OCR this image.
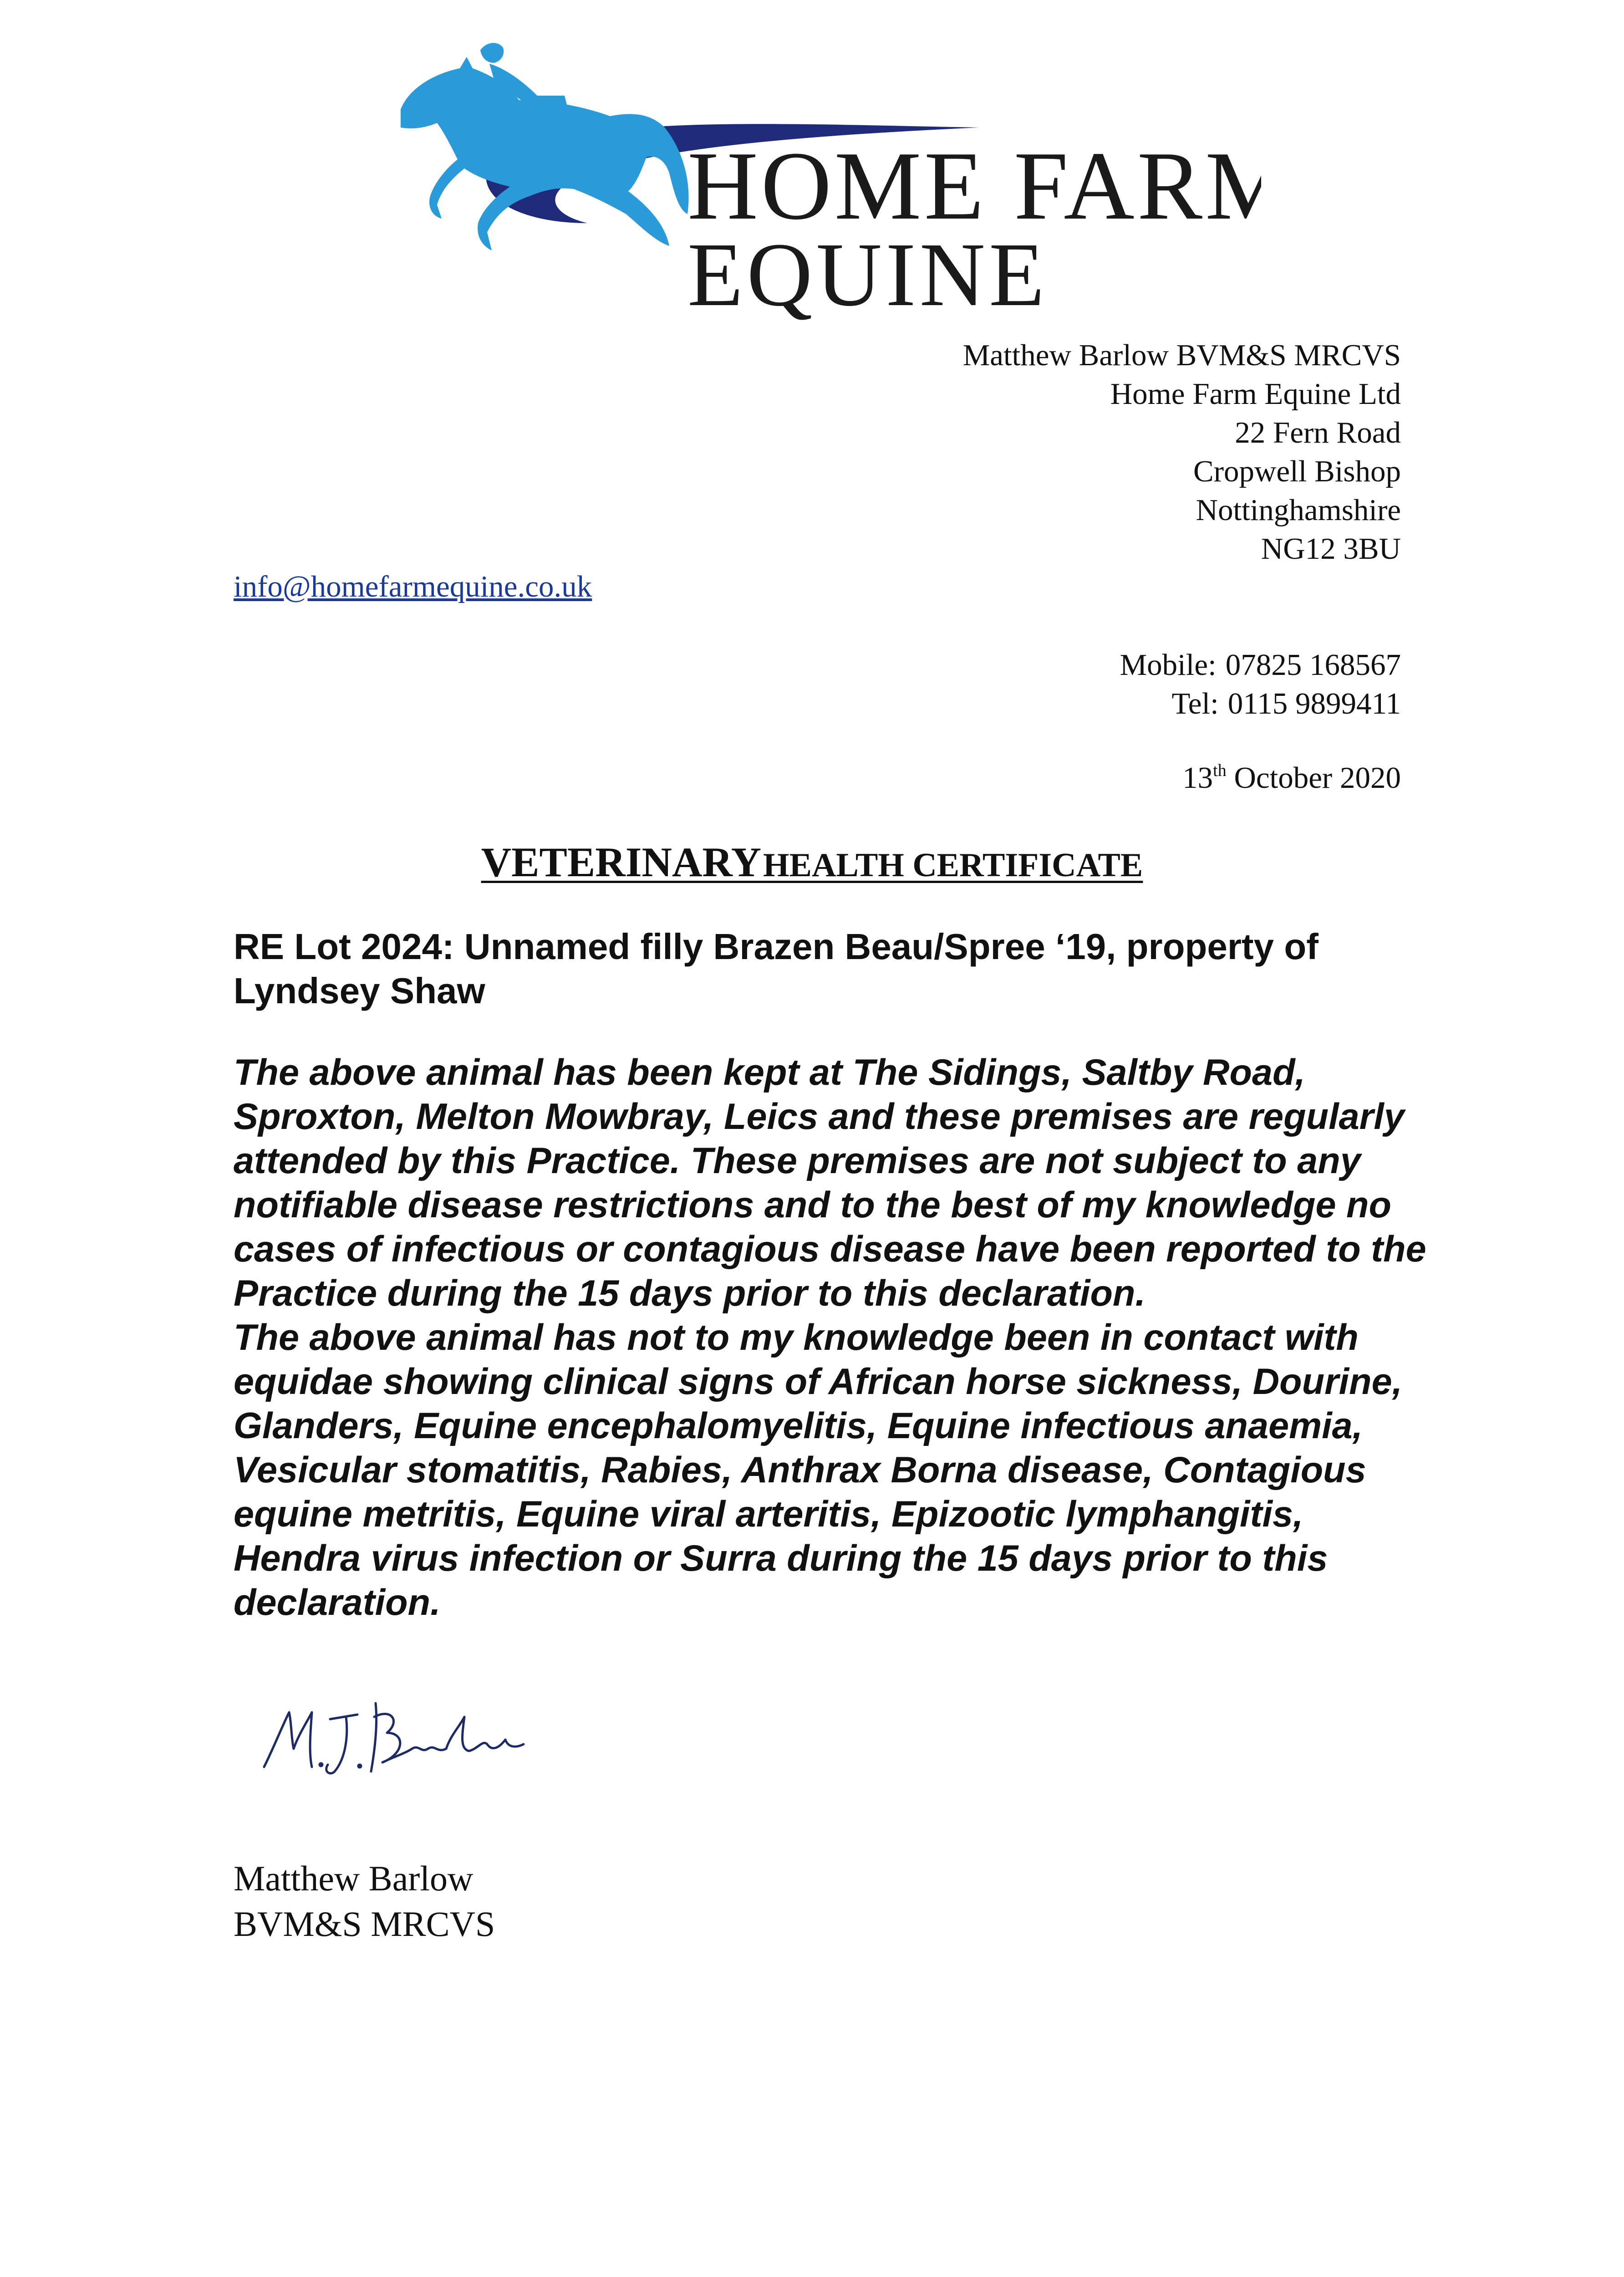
HOME FARM
EQUINE
Matthew Barlow BVM&S MRCVS
Home Farm Equine Ltd
22 Fern Road
Cropwell Bishop
Nottinghamshire
NG12 3BU
info@homefarmequine.co.uk
Mobile: 07825 168567
Tel: 0115 9899411
13th October 2020
VETERINARY HEALTH CERTIFICATE
RE Lot 2024: Unnamed filly Brazen Beau/Spree ‘19, property of Lyndsey Shaw

The above animal has been kept at The Sidings, Saltby Road, Sproxton, Melton Mowbray, Leics and these premises are regularly attended by this Practice. These premises are not subject to any notifiable disease restrictions and to the best of my knowledge no cases of infectious or contagious disease have been reported to the Practice during the 15 days prior to this declaration.

The above animal has not to my knowledge been in contact with equidae showing clinical signs of African horse sickness, Dourine, Glanders, Equine encephalomyelitis, Equine infectious anaemia, Vesicular stomatitis, Rabies, Anthrax Borna disease, Contagious equine metritis, Equine viral arteritis, Epizootic lymphangitis, Hendra virus infection or Surra during the 15 days prior to this declaration.

Matthew Barlow
BVM&S MRCVS
